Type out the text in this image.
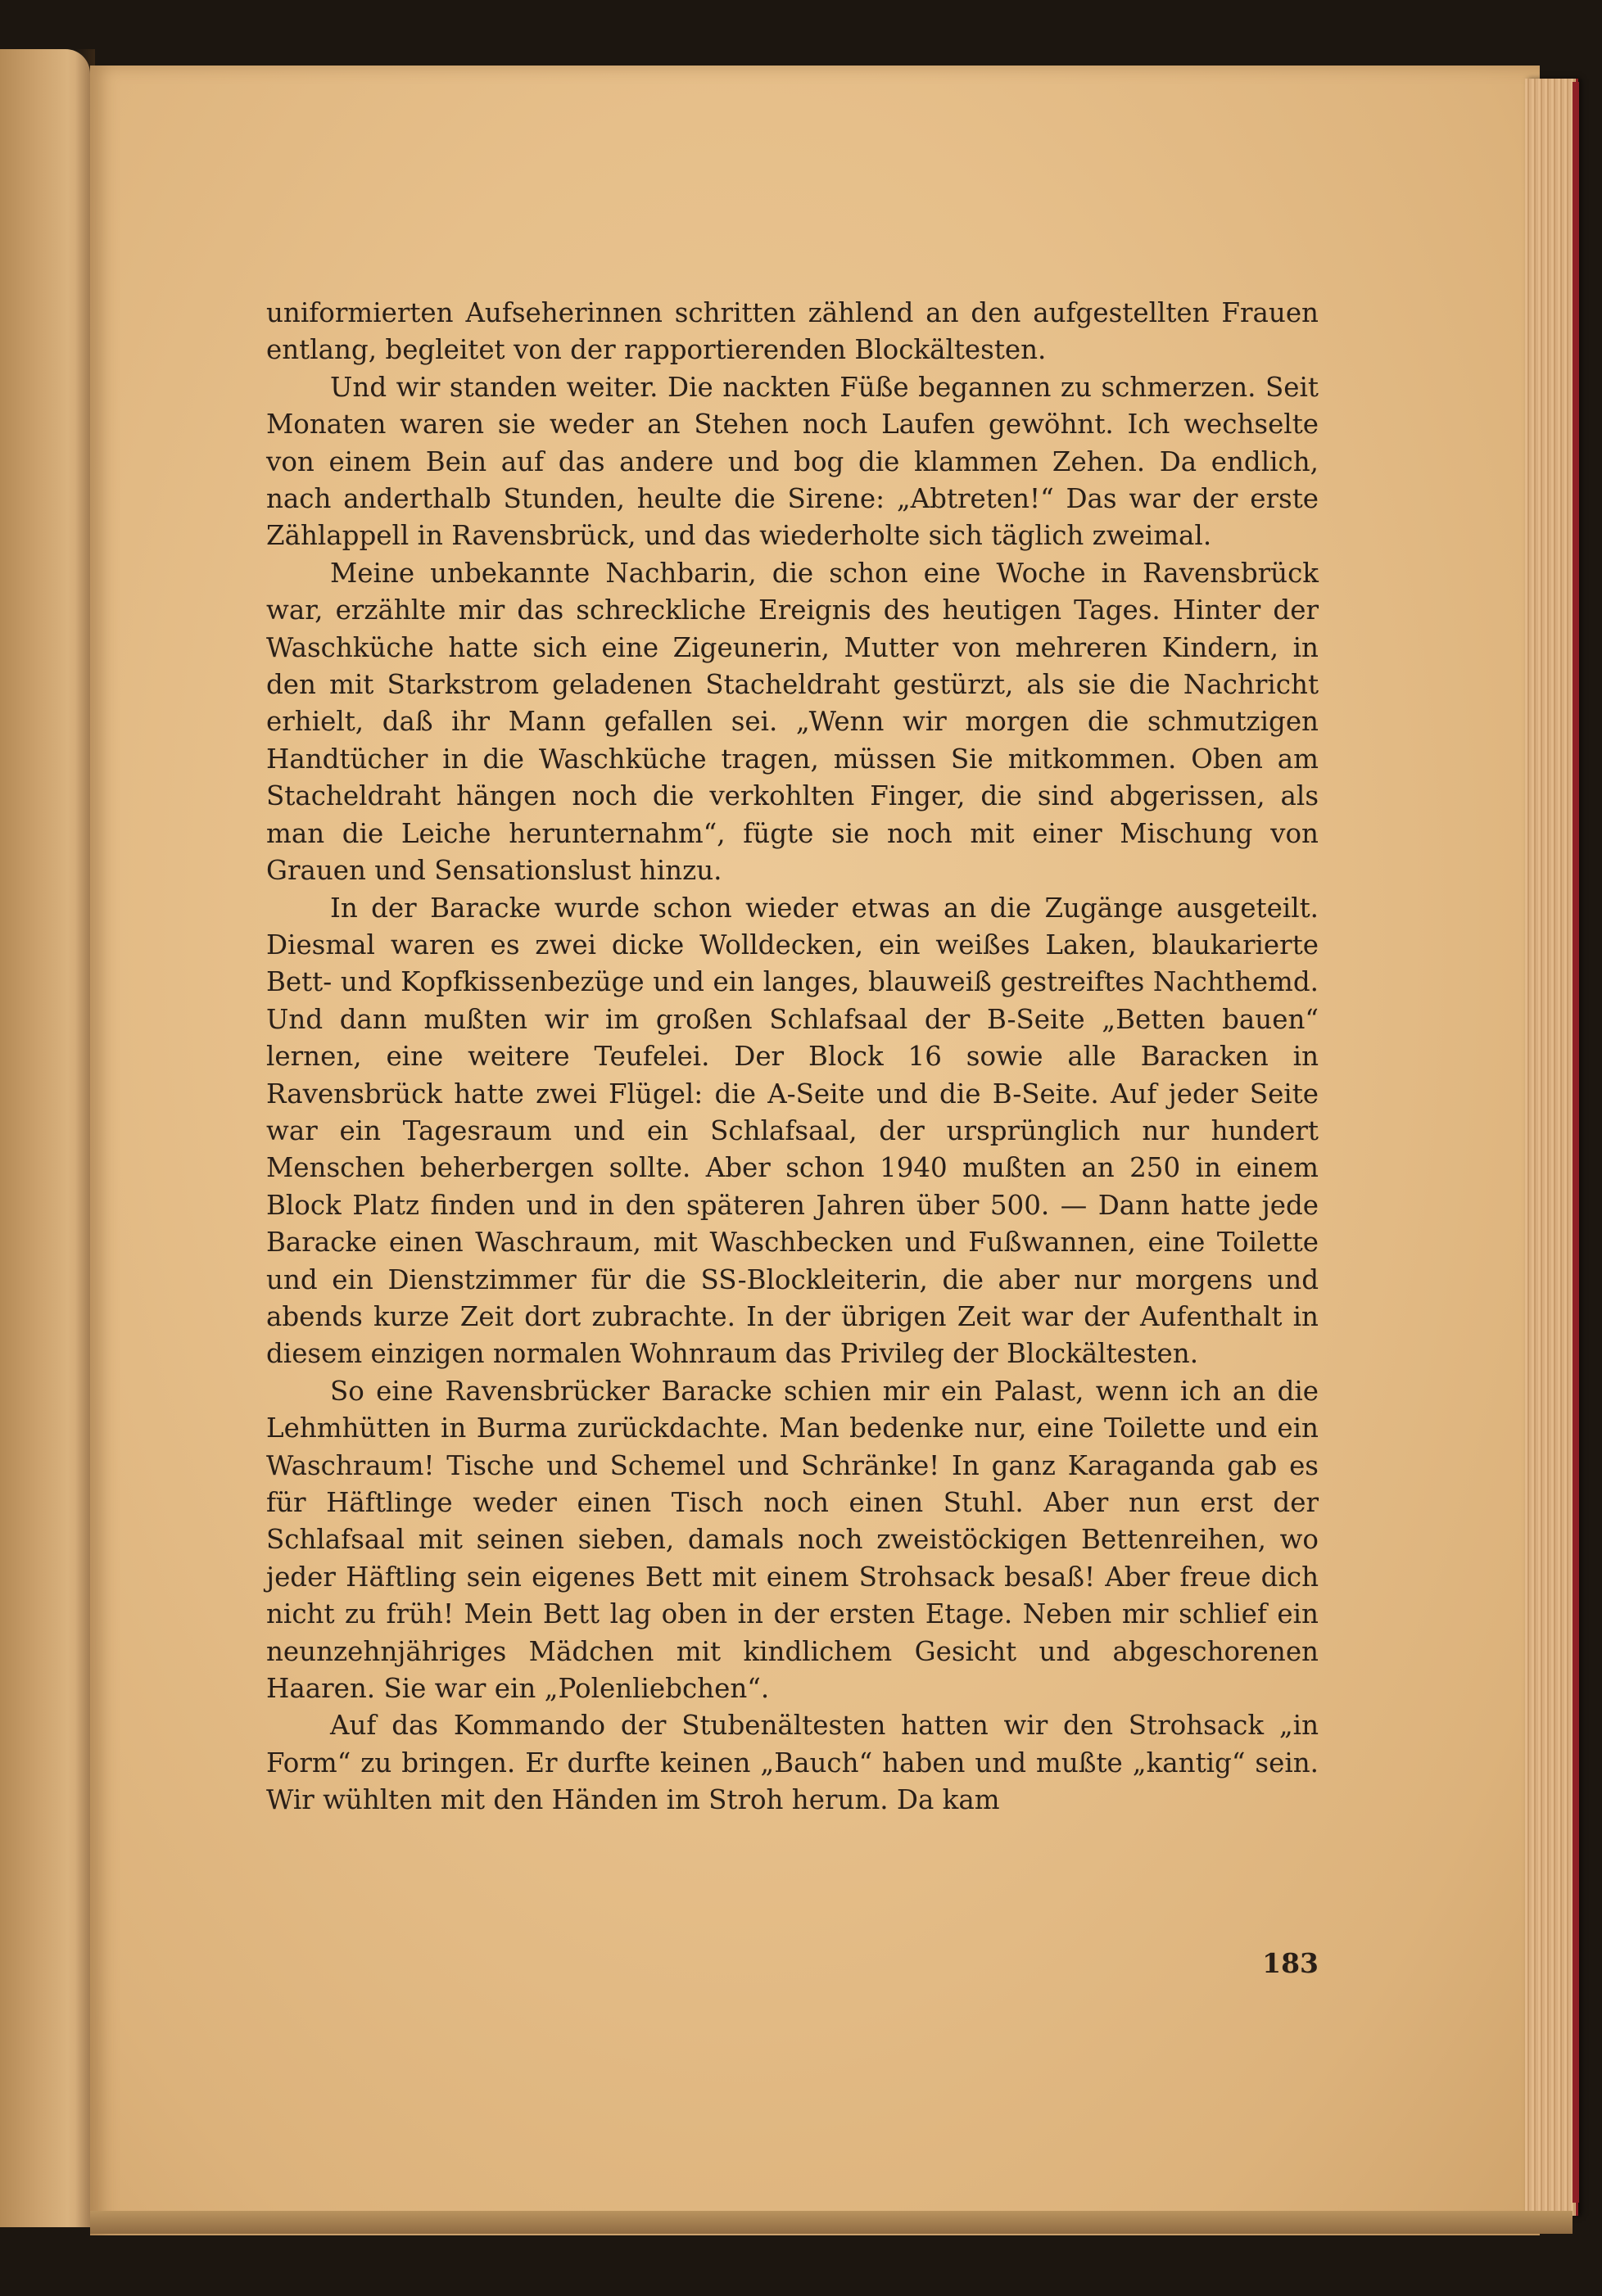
uniformierten Aufseherinnen schritten zählend an den aufgestellten Frauen entlang, begleitet von der rapportierenden Blockältesten.

Und wir standen weiter. Die nackten Füße begannen zu schmerzen. Seit Monaten waren sie weder an Stehen noch Laufen gewöhnt. Ich wechselte von einem Bein auf das andere und bog die klammen Zehen. Da endlich, nach anderthalb Stunden, heulte die Sirene: „Abtreten!“ Das war der erste Zählappell in Ravensbrück, und das wiederholte sich täglich zweimal.

Meine unbekannte Nachbarin, die schon eine Woche in Ravensbrück war, erzählte mir das schreckliche Ereignis des heutigen Tages. Hinter der Waschküche hatte sich eine Zigeunerin, Mutter von mehreren Kindern, in den mit Starkstrom geladenen Stacheldraht gestürzt, als sie die Nachricht erhielt, daß ihr Mann gefallen sei. „Wenn wir morgen die schmutzigen Handtücher in die Waschküche tragen, müssen Sie mitkommen. Oben am Stacheldraht hängen noch die verkohlten Finger, die sind abgerissen, als man die Leiche herunternahm“, fügte sie noch mit einer Mischung von Grauen und Sensationslust hinzu.

In der Baracke wurde schon wieder etwas an die Zugänge ausgeteilt. Diesmal waren es zwei dicke Wolldecken, ein weißes Laken, blaukarierte Bett- und Kopfkissenbezüge und ein langes, blauweiß gestreiftes Nachthemd. Und dann mußten wir im großen Schlafsaal der B-Seite „Betten bauen“ lernen, eine weitere Teufelei. Der Block 16 sowie alle Baracken in Ravensbrück hatte zwei Flügel: die A-Seite und die B-Seite. Auf jeder Seite war ein Tagesraum und ein Schlafsaal, der ursprünglich nur hundert Menschen beherbergen sollte. Aber schon 1940 mußten an 250 in einem Block Platz finden und in den späteren Jahren über 500. — Dann hatte jede Baracke einen Waschraum, mit Waschbecken und Fußwannen, eine Toilette und ein Dienstzimmer für die SS-Blockleiterin, die aber nur morgens und abends kurze Zeit dort zubrachte. In der übrigen Zeit war der Aufenthalt in diesem einzigen normalen Wohnraum das Privileg der Blockältesten.

So eine Ravensbrücker Baracke schien mir ein Palast, wenn ich an die Lehmhütten in Burma zurückdachte. Man bedenke nur, eine Toilette und ein Waschraum! Tische und Schemel und Schränke! In ganz Karaganda gab es für Häftlinge weder einen Tisch noch einen Stuhl. Aber nun erst der Schlafsaal mit seinen sieben, damals noch zweistöckigen Bettenreihen, wo jeder Häftling sein eigenes Bett mit einem Strohsack besaß! Aber freue dich nicht zu früh! Mein Bett lag oben in der ersten Etage. Neben mir schlief ein neunzehnjähriges Mädchen mit kindlichem Gesicht und abgeschorenen Haaren. Sie war ein „Polenliebchen“.

Auf das Kommando der Stubenältesten hatten wir den Strohsack „in Form“ zu bringen. Er durfte keinen „Bauch“ haben und mußte „kantig“ sein. Wir wühlten mit den Händen im Stroh herum. Da kam

183
